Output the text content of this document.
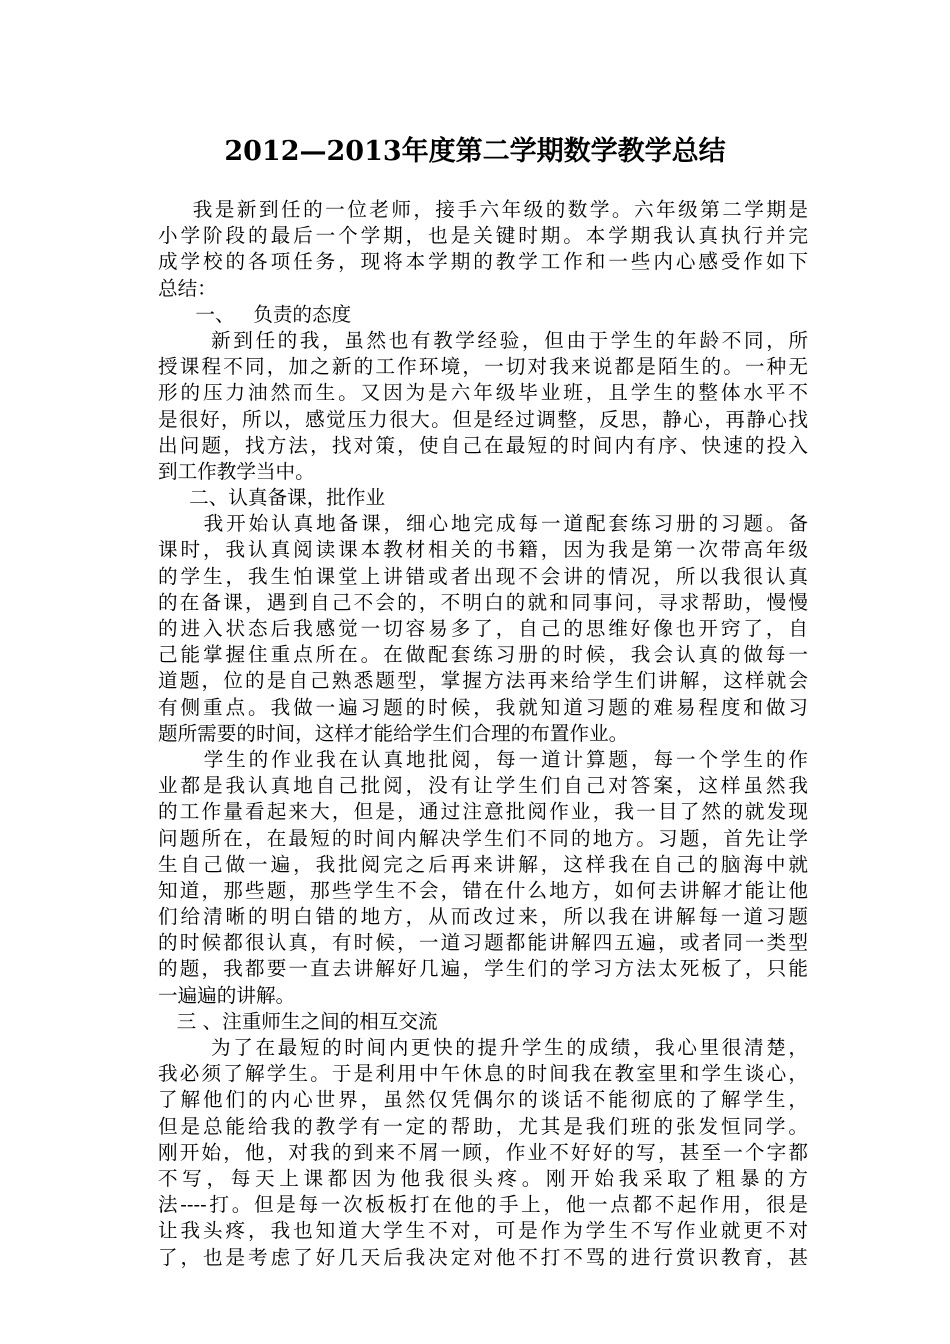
2012—2013年度第二学期数学教学总结
我是新到任的一位老师，接手六年级的数学。六年级第二学期是
小学阶段的最后一个学期，也是关键时期。本学期我认真执行并完
成学校的各项任务，现将本学期的教学工作和一些内心感受作如下
总结：
一、   负责的态度
新到任的我，虽然也有教学经验，但由于学生的年龄不同，所
授课程不同，加之新的工作环境，一切对我来说都是陌生的。一种无
形的压力油然而生。又因为是六年级毕业班，且学生的整体水平不
是很好，所以，感觉压力很大。但是经过调整，反思，静心，再静心找
出问题，找方法，找对策，使自己在最短的时间内有序、快速的投入
到工作教学当中。
二、认真备课，批作业
我开始认真地备课，细心地完成每一道配套练习册的习题。备
课时，我认真阅读课本教材相关的书籍，因为我是第一次带高年级
的学生，我生怕课堂上讲错或者出现不会讲的情况，所以我很认真
的在备课，遇到自己不会的，不明白的就和同事问，寻求帮助，慢慢
的进入状态后我感觉一切容易多了，自己的思维好像也开窍了，自
己能掌握住重点所在。在做配套练习册的时候，我会认真的做每一
道题，位的是自己熟悉题型，掌握方法再来给学生们讲解，这样就会
有侧重点。我做一遍习题的时候，我就知道习题的难易程度和做习
题所需要的时间，这样才能给学生们合理的布置作业。
学生的作业我在认真地批阅，每一道计算题，每一个学生的作
业都是我认真地自己批阅，没有让学生们自己对答案，这样虽然我
的工作量看起来大，但是，通过注意批阅作业，我一目了然的就发现
问题所在，在最短的时间内解决学生们不同的地方。习题，首先让学
生自己做一遍，我批阅完之后再来讲解，这样我在自己的脑海中就
知道，那些题，那些学生不会，错在什么地方，如何去讲解才能让他
们给清晰的明白错的地方，从而改过来，所以我在讲解每一道习题
的时候都很认真，有时候，一道习题都能讲解四五遍，或者同一类型
的题，我都要一直去讲解好几遍，学生们的学习方法太死板了，只能
一遍遍的讲解。
三 、注重师生之间的相互交流
为了在最短的时间内更快的提升学生的成绩，我心里很清楚，
我必须了解学生。于是利用中午休息的时间我在教室里和学生谈心，
了解他们的内心世界，虽然仅凭偶尔的谈话不能彻底的了解学生，
但是总能给我的教学有一定的帮助，尤其是我们班的张发恒同学。
刚开始，他，对我的到来不屑一顾，作业不好好的写，甚至一个字都
不写，每天上课都因为他我很头疼。刚开始我采取了粗暴的方
法----打。但是每一次板板打在他的手上，他一点都不起作用，很是
让我头疼，我也知道大学生不对，可是作为学生不写作业就更不对
了，也是考虑了好几天后我决定对他不打不骂的进行赏识教育，甚
